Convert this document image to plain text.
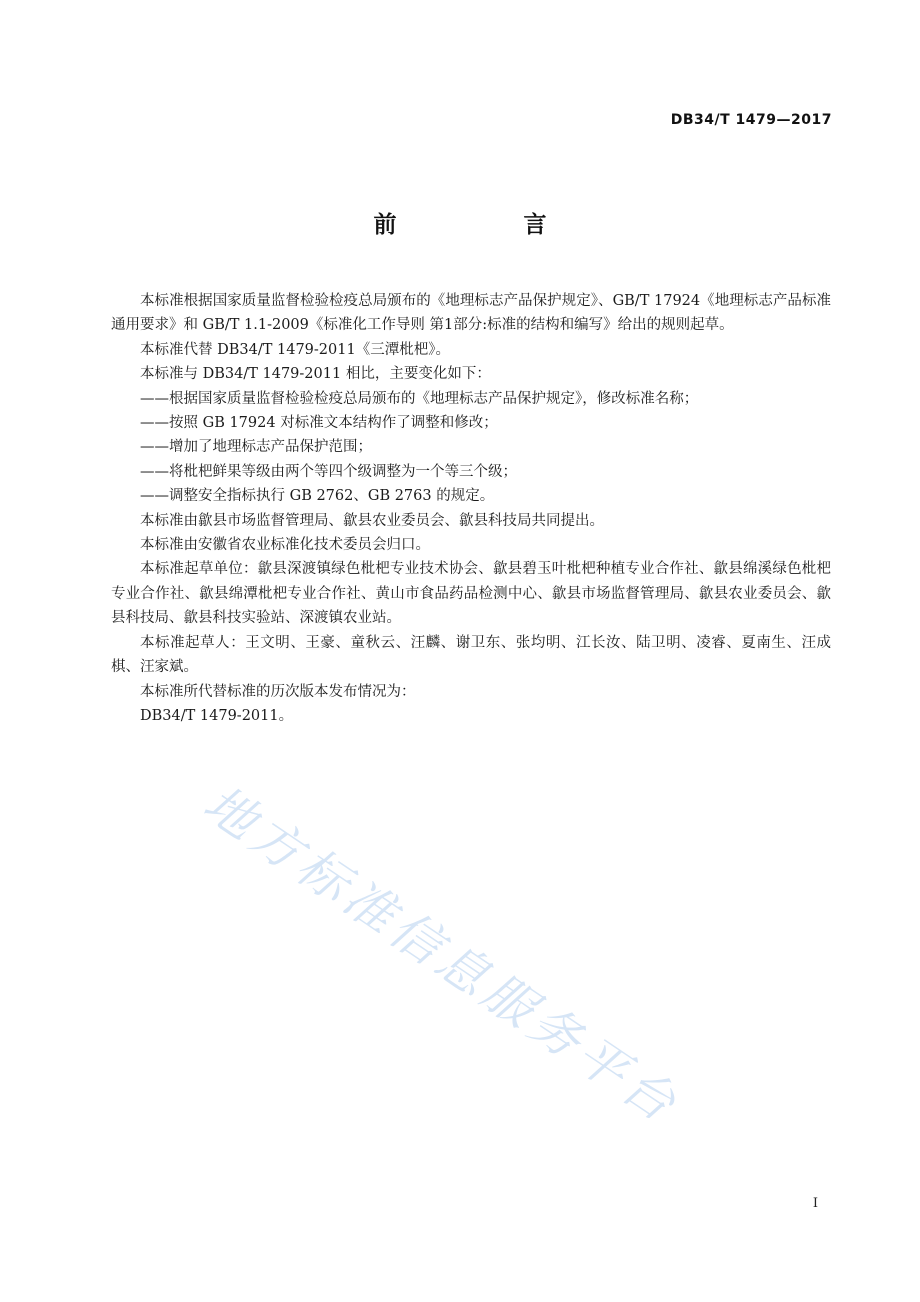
DB34/T 1479—2017
前　言

本标准根据国家质量监督检验检疫总局颁布的《地理标志产品保护规定》、GB/T 17924《地理标志产品标准通用要求》和 GB/T 1.1-2009《标准化工作导则 第1部分:标准的结构和编写》给出的规则起草。

本标准代替 DB34/T 1479-2011《三潭枇杷》。

本标准与 DB34/T 1479-2011 相比，主要变化如下：

——根据国家质量监督检验检疫总局颁布的《地理标志产品保护规定》，修改标准名称；

——按照 GB 17924 对标准文本结构作了调整和修改；

——增加了地理标志产品保护范围；

——将枇杷鲜果等级由两个等四个级调整为一个等三个级；

——调整安全指标执行 GB 2762、GB 2763 的规定。

本标准由歙县市场监督管理局、歙县农业委员会、歙县科技局共同提出。

本标准由安徽省农业标准化技术委员会归口。

本标准起草单位：歙县深渡镇绿色枇杷专业技术协会、歙县碧玉叶枇杷种植专业合作社、歙县绵溪绿色枇杷专业合作社、歙县绵潭枇杷专业合作社、黄山市食品药品检测中心、歙县市场监督管理局、歙县农业委员会、歙县科技局、歙县科技实验站、深渡镇农业站。

本标准起草人：王文明、王豪、童秋云、汪麟、谢卫东、张均明、江长汝、陆卫明、凌睿、夏南生、汪成棋、汪家斌。

本标准所代替标准的历次版本发布情况为：

DB34/T 1479-2011。

地方标准信息服务平台
I
